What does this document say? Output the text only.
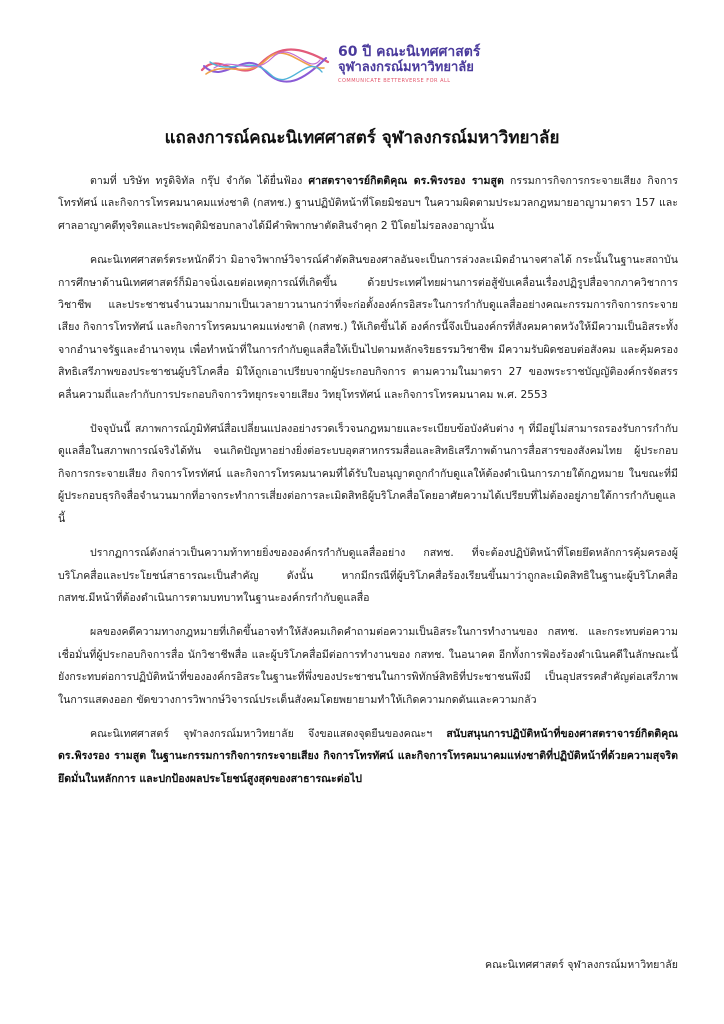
60 ปี คณะนิเทศศาสตร์
จุฬาลงกรณ์มหาวิทยาลัย
COMMUNICATE BETTERVERSE FOR ALL
แถลงการณ์คณะนิเทศศาสตร์ จุฬาลงกรณ์มหาวิทยาลัย

ตามที่ บริษัท ทรูดิจิทัล กรุ๊ป จำกัด ได้ยื่นฟ้อง ศาสตราจารย์กิตติคุณ ดร.พิรงรอง รามสูต กรรมการกิจการกระจายเสียง กิจการโทรทัศน์ และกิจการโทรคมนาคมแห่งชาติ (กสทช.) ฐานปฏิบัติหน้าที่โดยมิชอบฯ ในความผิดตามประมวลกฎหมายอาญามาตรา 157 และศาลอาญาคดีทุจริตและประพฤติมิชอบกลางได้มีคำพิพากษาตัดสินจำคุก 2 ปีโดยไม่รอลงอาญานั้น

คณะนิเทศศาสตร์ตระหนักดีว่า มิอาจวิพากษ์วิจารณ์คำตัดสินของศาลอันจะเป็นการล่วงละเมิดอำนาจศาลได้ กระนั้นในฐานะสถาบันการศึกษาด้านนิเทศศาสตร์ก็มิอาจนิ่งเฉยต่อเหตุการณ์ที่เกิดขึ้น ด้วยประเทศไทยผ่านการต่อสู้ขับเคลื่อนเรื่องปฏิรูปสื่อจากภาควิชาการ วิชาชีพ และประชาชนจำนวนมากมาเป็นเวลายาวนานกว่าที่จะก่อตั้งองค์กรอิสระในการกำกับดูแลสื่ออย่างคณะกรรมการกิจการกระจายเสียง กิจการโทรทัศน์ และกิจการโทรคมนาคมแห่งชาติ (กสทช.) ให้เกิดขึ้นได้ องค์กรนี้จึงเป็นองค์กรที่สังคมคาดหวังให้มีความเป็นอิสระทั้งจากอำนาจรัฐและอำนาจทุน เพื่อทำหน้าที่ในการกำกับดูแลสื่อให้เป็นไปตามหลักจริยธรรมวิชาชีพ มีความรับผิดชอบต่อสังคม และคุ้มครองสิทธิเสรีภาพของประชาชนผู้บริโภคสื่อ มิให้ถูกเอาเปรียบจากผู้ประกอบกิจการ ตามความในมาตรา 27 ของพระราชบัญญัติองค์กรจัดสรรคลื่นความถี่และกำกับการประกอบกิจการวิทยุกระจายเสียง วิทยุโทรทัศน์ และกิจการโทรคมนาคม พ.ศ. 2553

ปัจจุบันนี้ สภาพการณ์ภูมิทัศน์สื่อเปลี่ยนแปลงอย่างรวดเร็วจนกฎหมายและระเบียบข้อบังคับต่าง ๆ ที่มีอยู่ไม่สามารถรองรับการกำกับดูแลสื่อในสภาพการณ์จริงได้ทัน จนเกิดปัญหาอย่างยิ่งต่อระบบอุตสาหกรรมสื่อและสิทธิเสรีภาพด้านการสื่อสารของสังคมไทย ผู้ประกอบกิจการกระจายเสียง กิจการโทรทัศน์ และกิจการโทรคมนาคมที่ได้รับใบอนุญาตถูกกำกับดูแลให้ต้องดำเนินการภายใต้กฎหมาย ในขณะที่มีผู้ประกอบธุรกิจสื่อจำนวนมากที่อาจกระทำการเสี่ยงต่อการละเมิดสิทธิผู้บริโภคสื่อโดยอาศัยความได้เปรียบที่ไม่ต้องอยู่ภายใต้การกำกับดูแลนี้

ปรากฏการณ์ดังกล่าวเป็นความท้าทายยิ่งขององค์กรกำกับดูแลสื่ออย่าง กสทช. ที่จะต้องปฏิบัติหน้าที่โดยยึดหลักการคุ้มครองผู้บริโภคสื่อและประโยชน์สาธารณะเป็นสำคัญ ดังนั้น หากมีกรณีที่ผู้บริโภคสื่อร้องเรียนขึ้นมาว่าถูกละเมิดสิทธิในฐานะผู้บริโภคสื่อ กสทช.มีหน้าที่ต้องดำเนินการตามบทบาทในฐานะองค์กรกำกับดูแลสื่อ

ผลของคดีความทางกฎหมายที่เกิดขึ้นอาจทำให้สังคมเกิดคำถามต่อความเป็นอิสระในการทำงานของ กสทช. และกระทบต่อความเชื่อมั่นที่ผู้ประกอบกิจการสื่อ นักวิชาชีพสื่อ และผู้บริโภคสื่อมีต่อการทำงานของ กสทช. ในอนาคต อีกทั้งการฟ้องร้องดำเนินคดีในลักษณะนี้ยังกระทบต่อการปฏิบัติหน้าที่ขององค์กรอิสระในฐานะที่พึ่งของประชาชนในการพิทักษ์สิทธิที่ประชาชนพึงมี เป็นอุปสรรคสำคัญต่อเสรีภาพในการแสดงออก ขัดขวางการวิพากษ์วิจารณ์ประเด็นสังคมโดยพยายามทำให้เกิดความกดดันและความกลัว

คณะนิเทศศาสตร์ จุฬาลงกรณ์มหาวิทยาลัย จึงขอแสดงจุดยืนของคณะฯ สนับสนุนการปฏิบัติหน้าที่ของศาสตราจารย์กิตติคุณ ดร.พิรงรอง รามสูต ในฐานะกรรมการกิจการกระจายเสียง กิจการโทรทัศน์ และกิจการโทรคมนาคมแห่งชาติที่ปฏิบัติหน้าที่ด้วยความสุจริต ยึดมั่นในหลักการ และปกป้องผลประโยชน์สูงสุดของสาธารณะต่อไป

คณะนิเทศศาสตร์ จุฬาลงกรณ์มหาวิทยาลัย
